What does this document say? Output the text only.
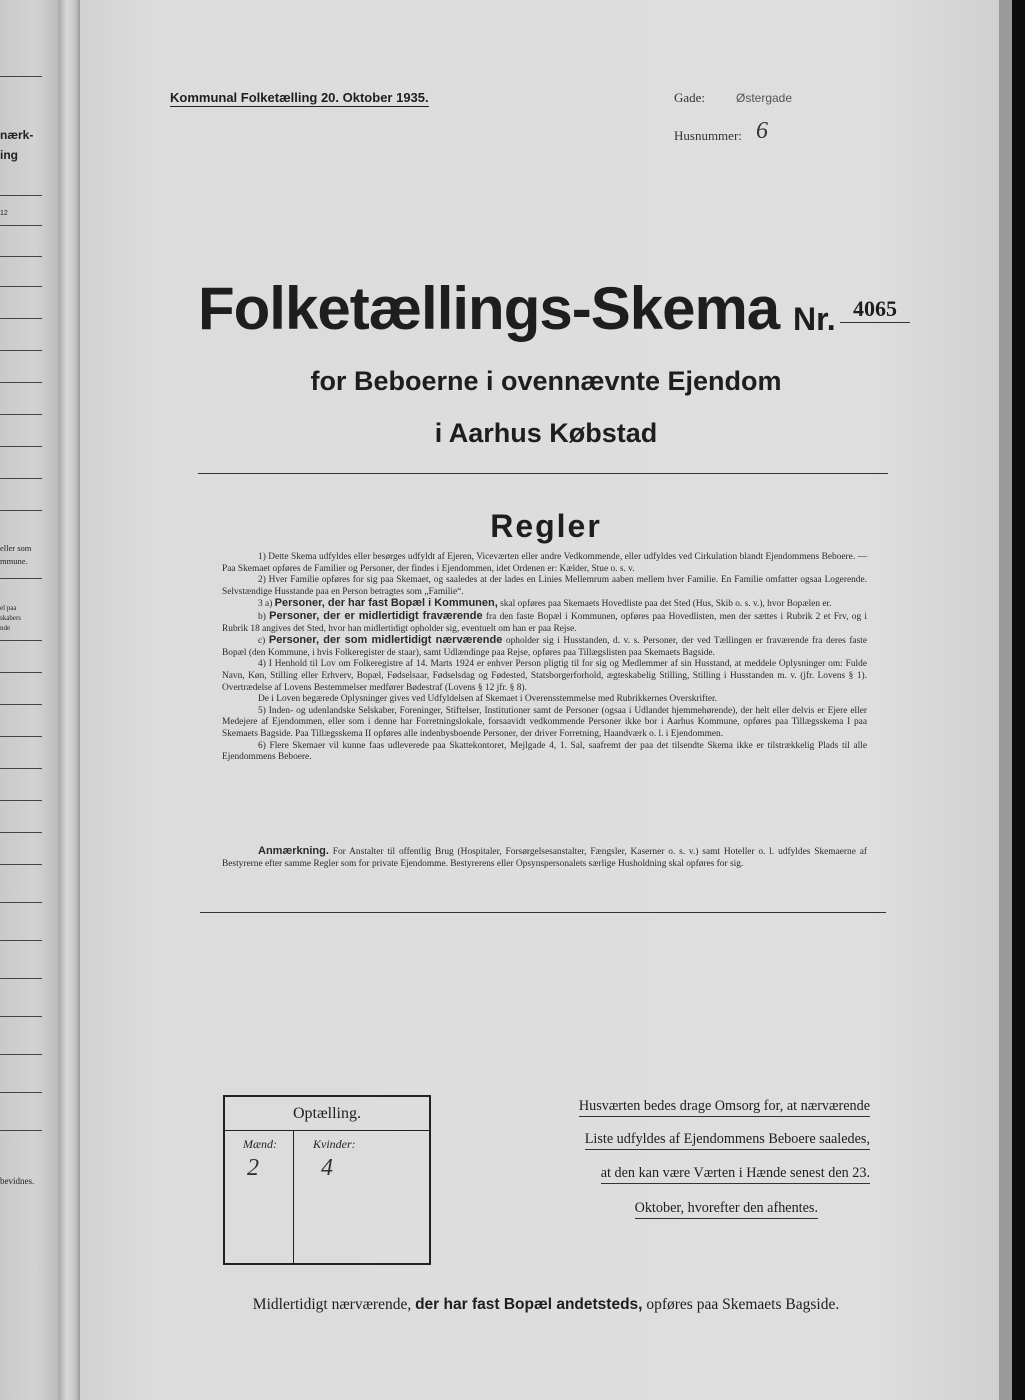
nærk-
ing
12
eller som
mmune.
el paa
skabers
nde
bevidnes.
Kommunal Folketælling 20. Oktober 1935.	Gade:	Østergade
Husnummer: 6
Folketællings-Skema Nr. 4065
for Beboerne i ovennævnte Ejendom
i Aarhus Købstad
Regler

1) Dette Skema udfyldes eller besørges udfyldt af Ejeren, Viceværten eller andre Vedkommende, eller udfyldes ved Cirkulation blandt Ejendommens Beboere. — Paa Skemaet opføres de Familier og Personer, der findes i Ejendommen, idet Ordenen er: Kælder, Stue o. s. v.

2) Hver Familie opføres for sig paa Skemaet, og saaledes at der lades en Linies Mellemrum aaben mellem hver Familie. En Familie omfatter ogsaa Logerende. Selvstændige Husstande paa en Person betragtes som „Familie“.

3 a) Personer, der har fast Bopæl i Kommunen, skal opføres paa Skemaets Hovedliste paa det Sted (Hus, Skib o. s. v.), hvor Bopælen er.

b) Personer, der er midlertidigt fraværende fra den faste Bopæl i Kommunen, opføres paa Hovedlisten, men der sættes i Rubrik 2 et Frv, og i Rubrik 18 angives det Sted, hvor han midlertidigt opholder sig, eventuelt om han er paa Rejse.

c) Personer, der som midlertidigt nærværende opholder sig i Husstanden, d. v. s. Personer, der ved Tællingen er fraværende fra deres faste Bopæl (den Kommune, i hvis Folkeregister de staar), samt Udlændinge paa Rejse, opføres paa Tillægslisten paa Skemaets Bagside.

4) I Henhold til Lov om Folkeregistre af 14. Marts 1924 er enhver Person pligtig til for sig og Medlemmer af sin Husstand, at meddele Oplysninger om: Fulde Navn, Køn, Stilling eller Erhverv, Bopæl, Fødselsaar, Fødselsdag og Fødested, Statsborgerforhold, ægteskabelig Stilling, Stilling i Husstanden m. v. (jfr. Lovens § 1). Overtrædelse af Lovens Bestemmelser medfører Bødestraf (Lovens § 12 jfr. § 8).

De i Loven begærede Oplysninger gives ved Udfyldelsen af Skemaet i Overensstemmelse med Rubrikkernes Overskrifter.

5) Inden- og udenlandske Selskaber, Foreninger, Stiftelser, Institutioner samt de Personer (ogsaa i Udlandet hjemmehørende), der helt eller delvis er Ejere eller Medejere af Ejendommen, eller som i denne har Forretningslokale, forsaavidt vedkommende Personer ikke bor i Aarhus Kommune, opføres paa Tillægsskema I paa Skemaets Bagside. Paa Tillægsskema II opføres alle indenbysboende Personer, der driver Forretning, Haandværk o. l. i Ejendommen.

6) Flere Skemaer vil kunne faas udleverede paa Skattekontoret, Mejlgade 4, 1. Sal, saafremt der paa det tilsendte Skema ikke er tilstrækkelig Plads til alle Ejendommens Beboere.

Anmærkning. For Anstalter til offentlig Brug (Hospitaler, Forsørgelsesanstalter, Fængsler, Kaserner o. s. v.) samt Hoteller o. l. udfyldes Skemaerne af Bestyrerne efter samme Regler som for private Ejendomme. Bestyrerens eller Opsynspersonalets særlige Husholdning skal opføres for sig.
Optælling.
Mænd:	Kvinder:
2	4
Husværten bedes drage Omsorg for, at nærværende
Liste udfyldes af Ejendommens Beboere saaledes,
at den kan være Værten i Hænde senest den 23.
Oktober, hvorefter den afhentes.
Midlertidigt nærværende, der har fast Bopæl andetsteds, opføres paa Skemaets Bagside.
